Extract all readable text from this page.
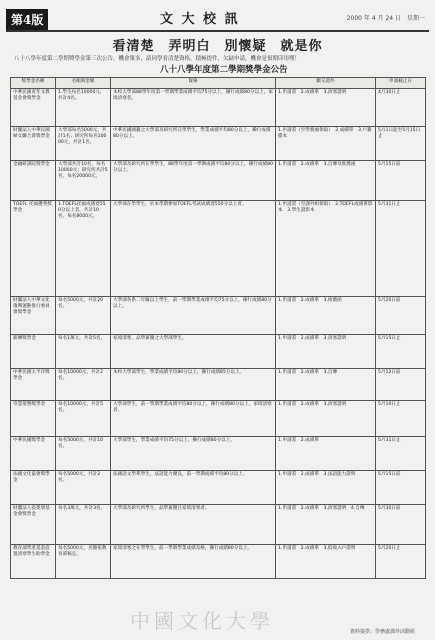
第4版	文 大 校 訊	2000 年 4 月 24 日　星期一
看清楚　弄明白　別懷疑　就是你
八十八學年度第二學期獎學金第三次公告，機會眾多，請同學看清楚資格，積極提件，欠缺申請，機會是預期印用嘿！
八十八學年度第二學期獎學金公告
獎學金名稱	名額與金額	資格	繳交證件	申請截止日
中華民國青年文教基金會獎學金	1.學生每名10000元，共計4名。	本校大學部88學年度第一學期學業成績平均75分以上，操行成績80分以上，家境清寒者。	1.申請書　2.成績單　3.清寒證明	4月30日止
財團法人中華民國婦女聯合會獎學金	大學部每名5000元，共計1名；研究所每名10000元，共計1名。	中華民國國籍之大學部及研究所在學學生，學業成績平均80分以上，操行成績80分以上。	1.申請書（至學務處領取）　2.成績單　3.戶籍謄本	5月1日起至5月15日止
金融研訓院獎學金	大學部共計10名，每名10000元；研究所共計5名，每名20000元。	大學部及研究所在學學生，88學年度第一學期成績平均80分以上，操行成績80分以上。	1.申請書　2.成績單　3.自傳及推薦函	5月15日前
TOEFL 托福優秀獎學金	1.TOEFL托福成績達550分以上者，共計10名，每名8000元。	大學部在學學生，於本學期參加TOEFL考試成績達550分以上者。	1.申請書（至課外組領取）　2.TOEFL成績單影本　3.學生證影本	5月31日止
財團法人中華文化復興運動推行委員會獎學金	每名5000元，共計20名。	大學部各系二年級以上學生，前一學期學業成績平均75分以上，操行成績80分以上。	1.申請書　2.成績單　3.推薦函	5月20日前
薪傳獎學金	每名1萬元，共計5名。	家境清寒，品學兼優之大學部學生。	1.申請書　2.成績單　3.清寒證明	5月15日止
中華民國太平洋獎學金	每名10000元，共計2名。	本校大學部學生，學業成績平均80分以上，操行成績85分以上。	1.申請書　2.成績單　3.自傳	5月12日前
崇慧榮譽獎學金	每名10000元，共計5名。	大學部學生，前一學期學業成績平均80分以上，操行成績80分以上，家境清寒者。	1.申請書　2.成績單　3.清寒證明	5月10日止
中華民國獎學金	每名5000元，共計10名。	大學部學生，學業成績平均75分以上，操行成績80分以上。	1.申請書　2.成績單	5月31日止
法國文化協會獎學金	每名5000元，共計2名。	法國語文學系學生，法語能力優良，前一學期成績平均80分以上。	1.申請書　2.成績單　3.法語能力證明	5月15日前
財團法人張榮發基金會獎學金	每名3萬元，共計3名。	大學部及研究所學生，品學兼優且家境清寒者。	1.申請書　2.成績單　3.清寒證明　4.自傳	5月30日前
教育部學產基金設置清寒學生助學金	每名5000元，名額依教育部核定。	家境清寒之在學學生，前一學期學業成績及格，操行成績80分以上。	1.申請書　2.成績單　3.低收入戶證明	5月20日止
中國文化大學	資料提供：學務處課外活動組
